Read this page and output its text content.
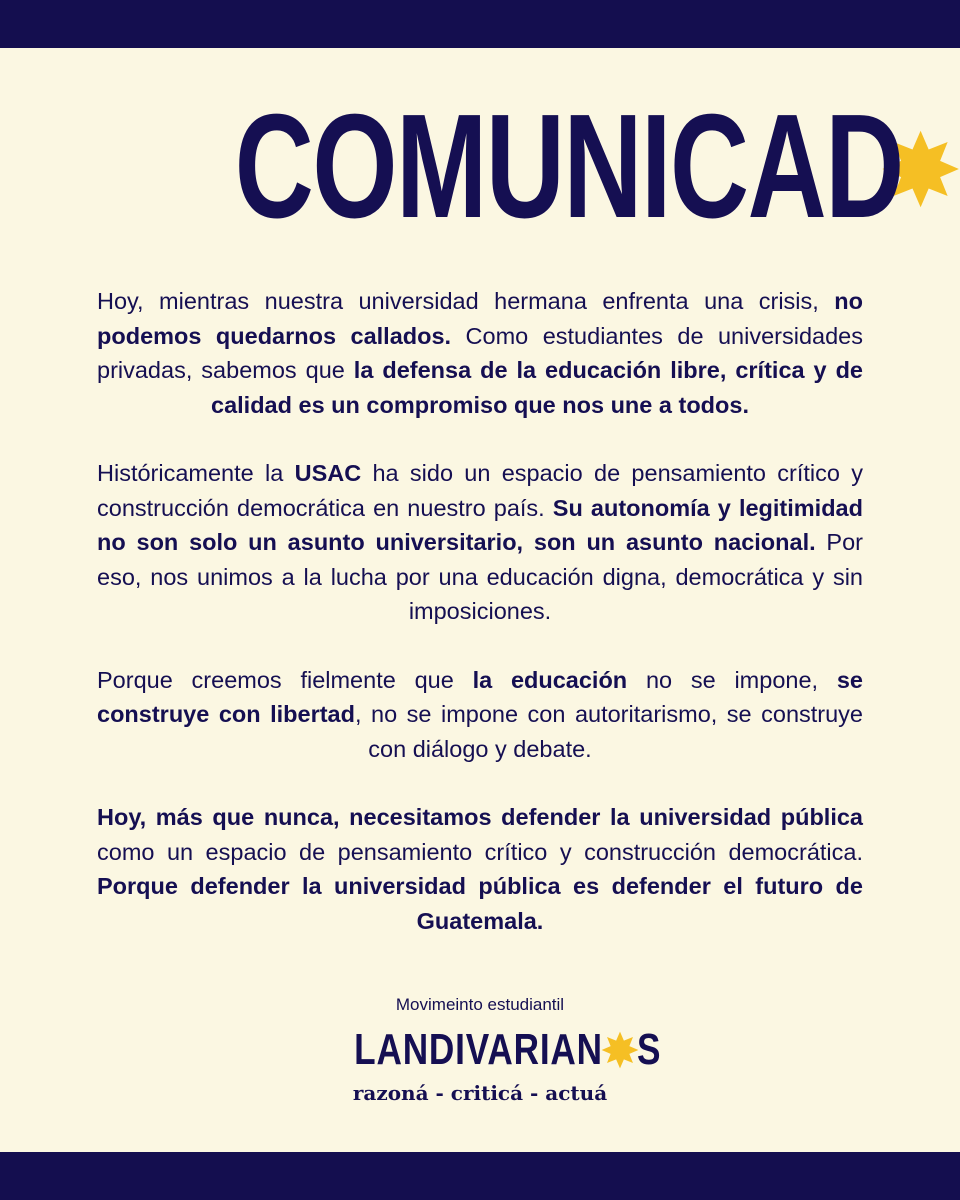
COMUNICAD

Hoy, mientras nuestra universidad hermana enfrenta una crisis, no podemos quedarnos callados. Como estudiantes de universidades privadas, sabemos que la defensa de la educación libre, crítica y de calidad es un compromiso que nos une a todos.

Históricamente la USAC ha sido un espacio de pensamiento crítico y construcción democrática en nuestro país. Su autonomía y legitimidad no son solo un asunto universitario, son un asunto nacional. Por eso, nos unimos a la lucha por una educación digna, democrática y sin imposiciones.

Porque creemos fielmente que la educación no se impone, se construye con libertad, no se impone con autoritarismo, se construye con diálogo y debate.

Hoy, más que nunca, necesitamos defender la universidad pública como un espacio de pensamiento crítico y construcción democrática. Porque defender la universidad pública es defender el futuro de Guatemala.

Movimeinto estudiantil
LANDIVARIAN S
razoná - criticá - actuá
